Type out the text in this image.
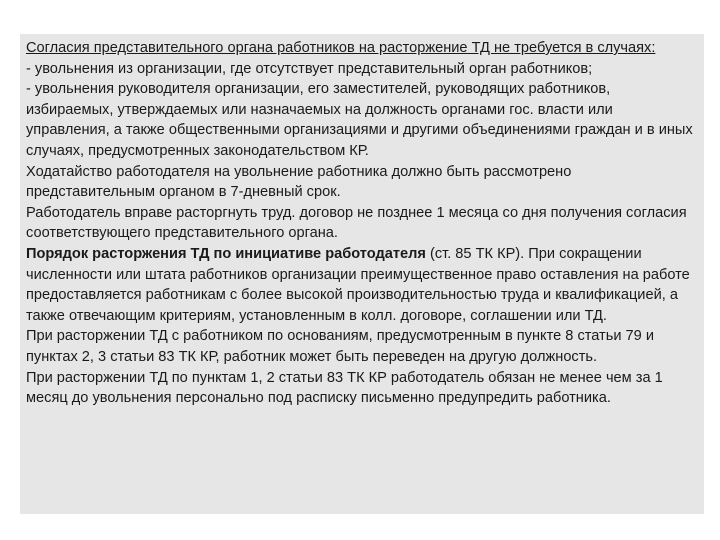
Согласия представительного органа работников на расторжение ТД не требуется в случаях:

- увольнения из организации, где отсутствует представительный орган работников;

- увольнения руководителя организации, его заместителей, руководящих работников, избираемых, утверждаемых или назначаемых на должность органами гос. власти или управления, а также общественными организациями и другими объединениями граждан и в иных случаях, предусмотренных законодательством КР.

Ходатайство работодателя на увольнение работника должно быть рассмотрено представительным органом в 7-дневный срок.

Работодатель вправе расторгнуть труд. договор не позднее 1 месяца со дня получения согласия соответствующего представительного органа.

Порядок расторжения ТД по инициативе работодателя (ст. 85 ТК КР). При сокращении численности или штата работников организации преимущественное право оставления на работе предоставляется работникам с более высокой производительностью труда и квалификацией, а также отвечающим критериям, установленным в колл. договоре, соглашении или ТД.

При расторжении ТД с работником по основаниям, предусмотренным в пункте 8 статьи 79 и пунктах 2, 3 статьи 83 ТК КР, работник может быть переведен на другую должность.

При расторжении ТД по пунктам 1, 2 статьи 83 ТК КР работодатель обязан не менее чем за 1 месяц до увольнения персонально под расписку письменно предупредить работника.
